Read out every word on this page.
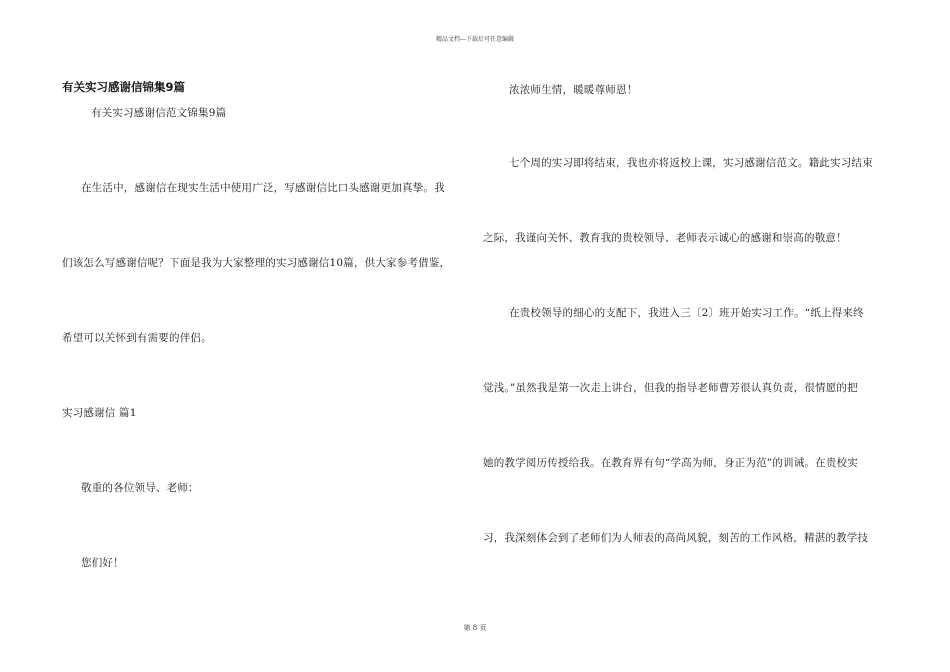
精品文档---下载后可任意编辑
有关实习感谢信锦集9篇
有关实习感谢信范文锦集9篇
在生活中，感谢信在现实生活中使用广泛，写感谢信比口头感谢更加真挚。我
们该怎么写感谢信呢？下面是我为大家整理的实习感谢信10篇，供大家参考借鉴，
希望可以关怀到有需要的伴侣。
实习感谢信 篇1
敬重的各位领导、老师：
您们好！
浓浓师生情，暖暖尊师恩！
七个周的实习即将结束，我也亦将返校上课，实习感谢信范文。籍此实习结束
之际，我谨向关怀、教育我的贵校领导、老师表示诚心的感谢和崇高的敬意！
在贵校领导的细心的支配下，我进入三〔2〕班开始实习工作。“纸上得来终
觉浅。”虽然我是第一次走上讲台，但我的指导老师曹芳很认真负责，很情愿的把
她的教学阅历传授给我。在教育界有句“学高为师，身正为范”的训诫。在贵校实
习，我深刻体会到了老师们为人师表的高尚风貌，刻苦的工作风格，精湛的教学技
第 8 页
